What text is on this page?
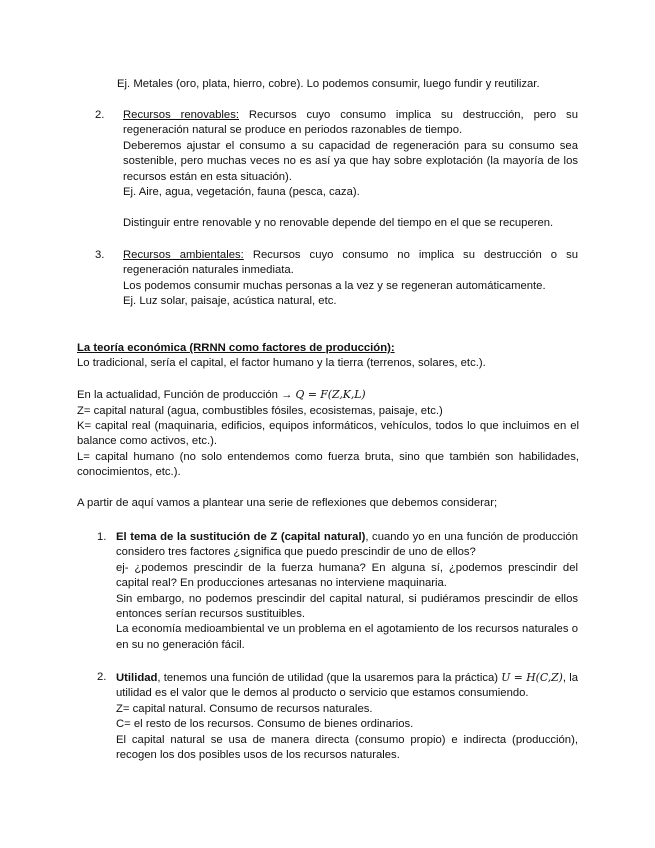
Ej. Metales (oro, plata, hierro, cobre). Lo podemos consumir, luego fundir y reutilizar.

2. Recursos renovables: Recursos cuyo consumo implica su destrucción, pero su regeneración natural se produce en periodos razonables de tiempo.

Deberemos ajustar el consumo a su capacidad de regeneración para su consumo sea sostenible, pero muchas veces no es así ya que hay sobre explotación (la mayoría de los recursos están en esta situación).

Ej. Aire, agua, vegetación, fauna (pesca, caza).

Distinguir entre renovable y no renovable depende del tiempo en el que se recuperen.

3. Recursos ambientales: Recursos cuyo consumo no implica su destrucción o su regeneración naturales inmediata.

Los podemos consumir muchas personas a la vez y se regeneran automáticamente.

Ej. Luz solar, paisaje, acústica natural, etc.

La teoría económica (RRNN como factores de producción):

Lo tradicional, sería el capital, el factor humano y la tierra (terrenos, solares, etc.).

En la actualidad, Función de producción → Q = F(Z,K,L)

Z= capital natural (agua, combustibles fósiles, ecosistemas, paisaje, etc.)

K= capital real (maquinaria, edificios, equipos informáticos, vehículos, todos lo que incluimos en el balance como activos, etc.).

L= capital humano (no solo entendemos como fuerza bruta, sino que también son habilidades, conocimientos, etc.).

A partir de aquí vamos a plantear una serie de reflexiones que debemos considerar;

1. El tema de la sustitución de Z (capital natural), cuando yo en una función de producción considero tres factores ¿significa que puedo prescindir de uno de ellos?

ej- ¿podemos prescindir de la fuerza humana? En alguna sí, ¿podemos prescindir del capital real? En producciones artesanas no interviene maquinaria.

Sin embargo, no podemos prescindir del capital natural, si pudiéramos prescindir de ellos entonces serían recursos sustituibles.

La economía medioambiental ve un problema en el agotamiento de los recursos naturales o en su no generación fácil.

2. Utilidad, tenemos una función de utilidad (que la usaremos para la práctica) U = H(C,Z), la utilidad es el valor que le demos al producto o servicio que estamos consumiendo.

Z= capital natural. Consumo de recursos naturales.

C= el resto de los recursos. Consumo de bienes ordinarios.

El capital natural se usa de manera directa (consumo propio) e indirecta (producción), recogen los dos posibles usos de los recursos naturales.
